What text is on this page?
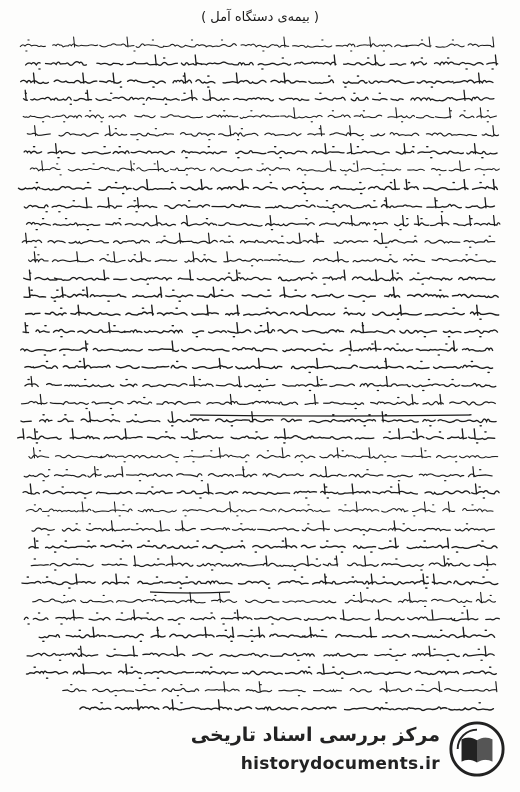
( بیمه‌ی دستگاه آمل )
مرکز بررسی اسناد تاریخی
historydocuments.ir
